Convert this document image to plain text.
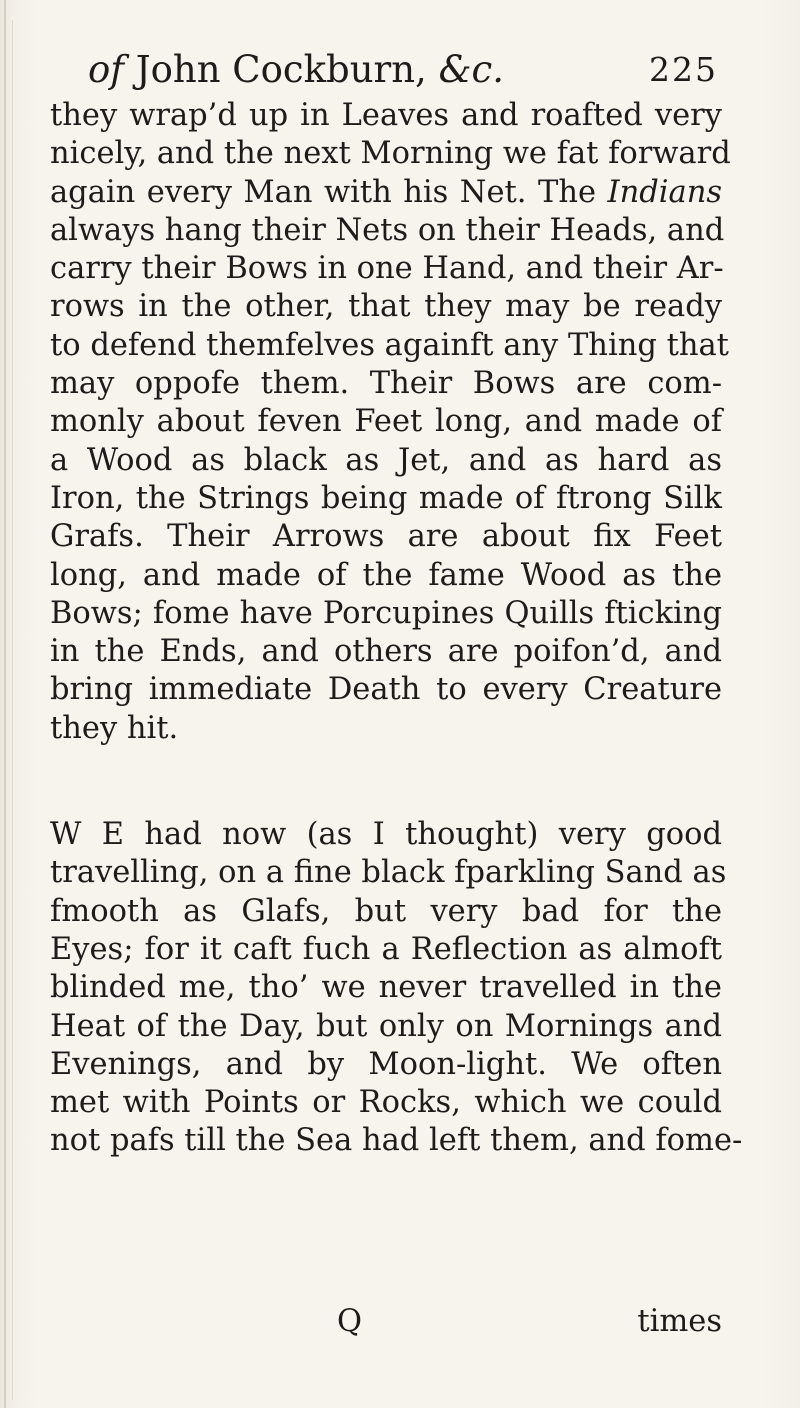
of John Cockburn, &c.	225
they wrap’d up in Leaves and roafted very
nicely, and the next Morning we fat forward
again every Man with his Net. The Indians
always hang their Nets on their Heads, and
carry their Bows in one Hand, and their Ar-
rows in the other, that they may be ready
to defend themfelves againft any Thing that
may oppofe them. Their Bows are com-
monly about feven Feet long, and made of
a Wood as black as Jet, and as hard as
Iron, the Strings being made of ftrong Silk
Grafs. Their Arrows are about fix Feet
long, and made of the fame Wood as the
Bows; fome have Porcupines Quills fticking
in the Ends, and others are poifon’d, and
bring immediate Death to every Creature
they hit.
W E had now (as I thought) very good
travelling, on a fine black fparkling Sand as
fmooth as Glafs, but very bad for the
Eyes; for it caft fuch a Reflection as almoft
blinded me, tho’ we never travelled in the
Heat of the Day, but only on Mornings and
Evenings, and by Moon-light. We often
met with Points or Rocks, which we could
not pafs till the Sea had left them, and fome-
Q	times
